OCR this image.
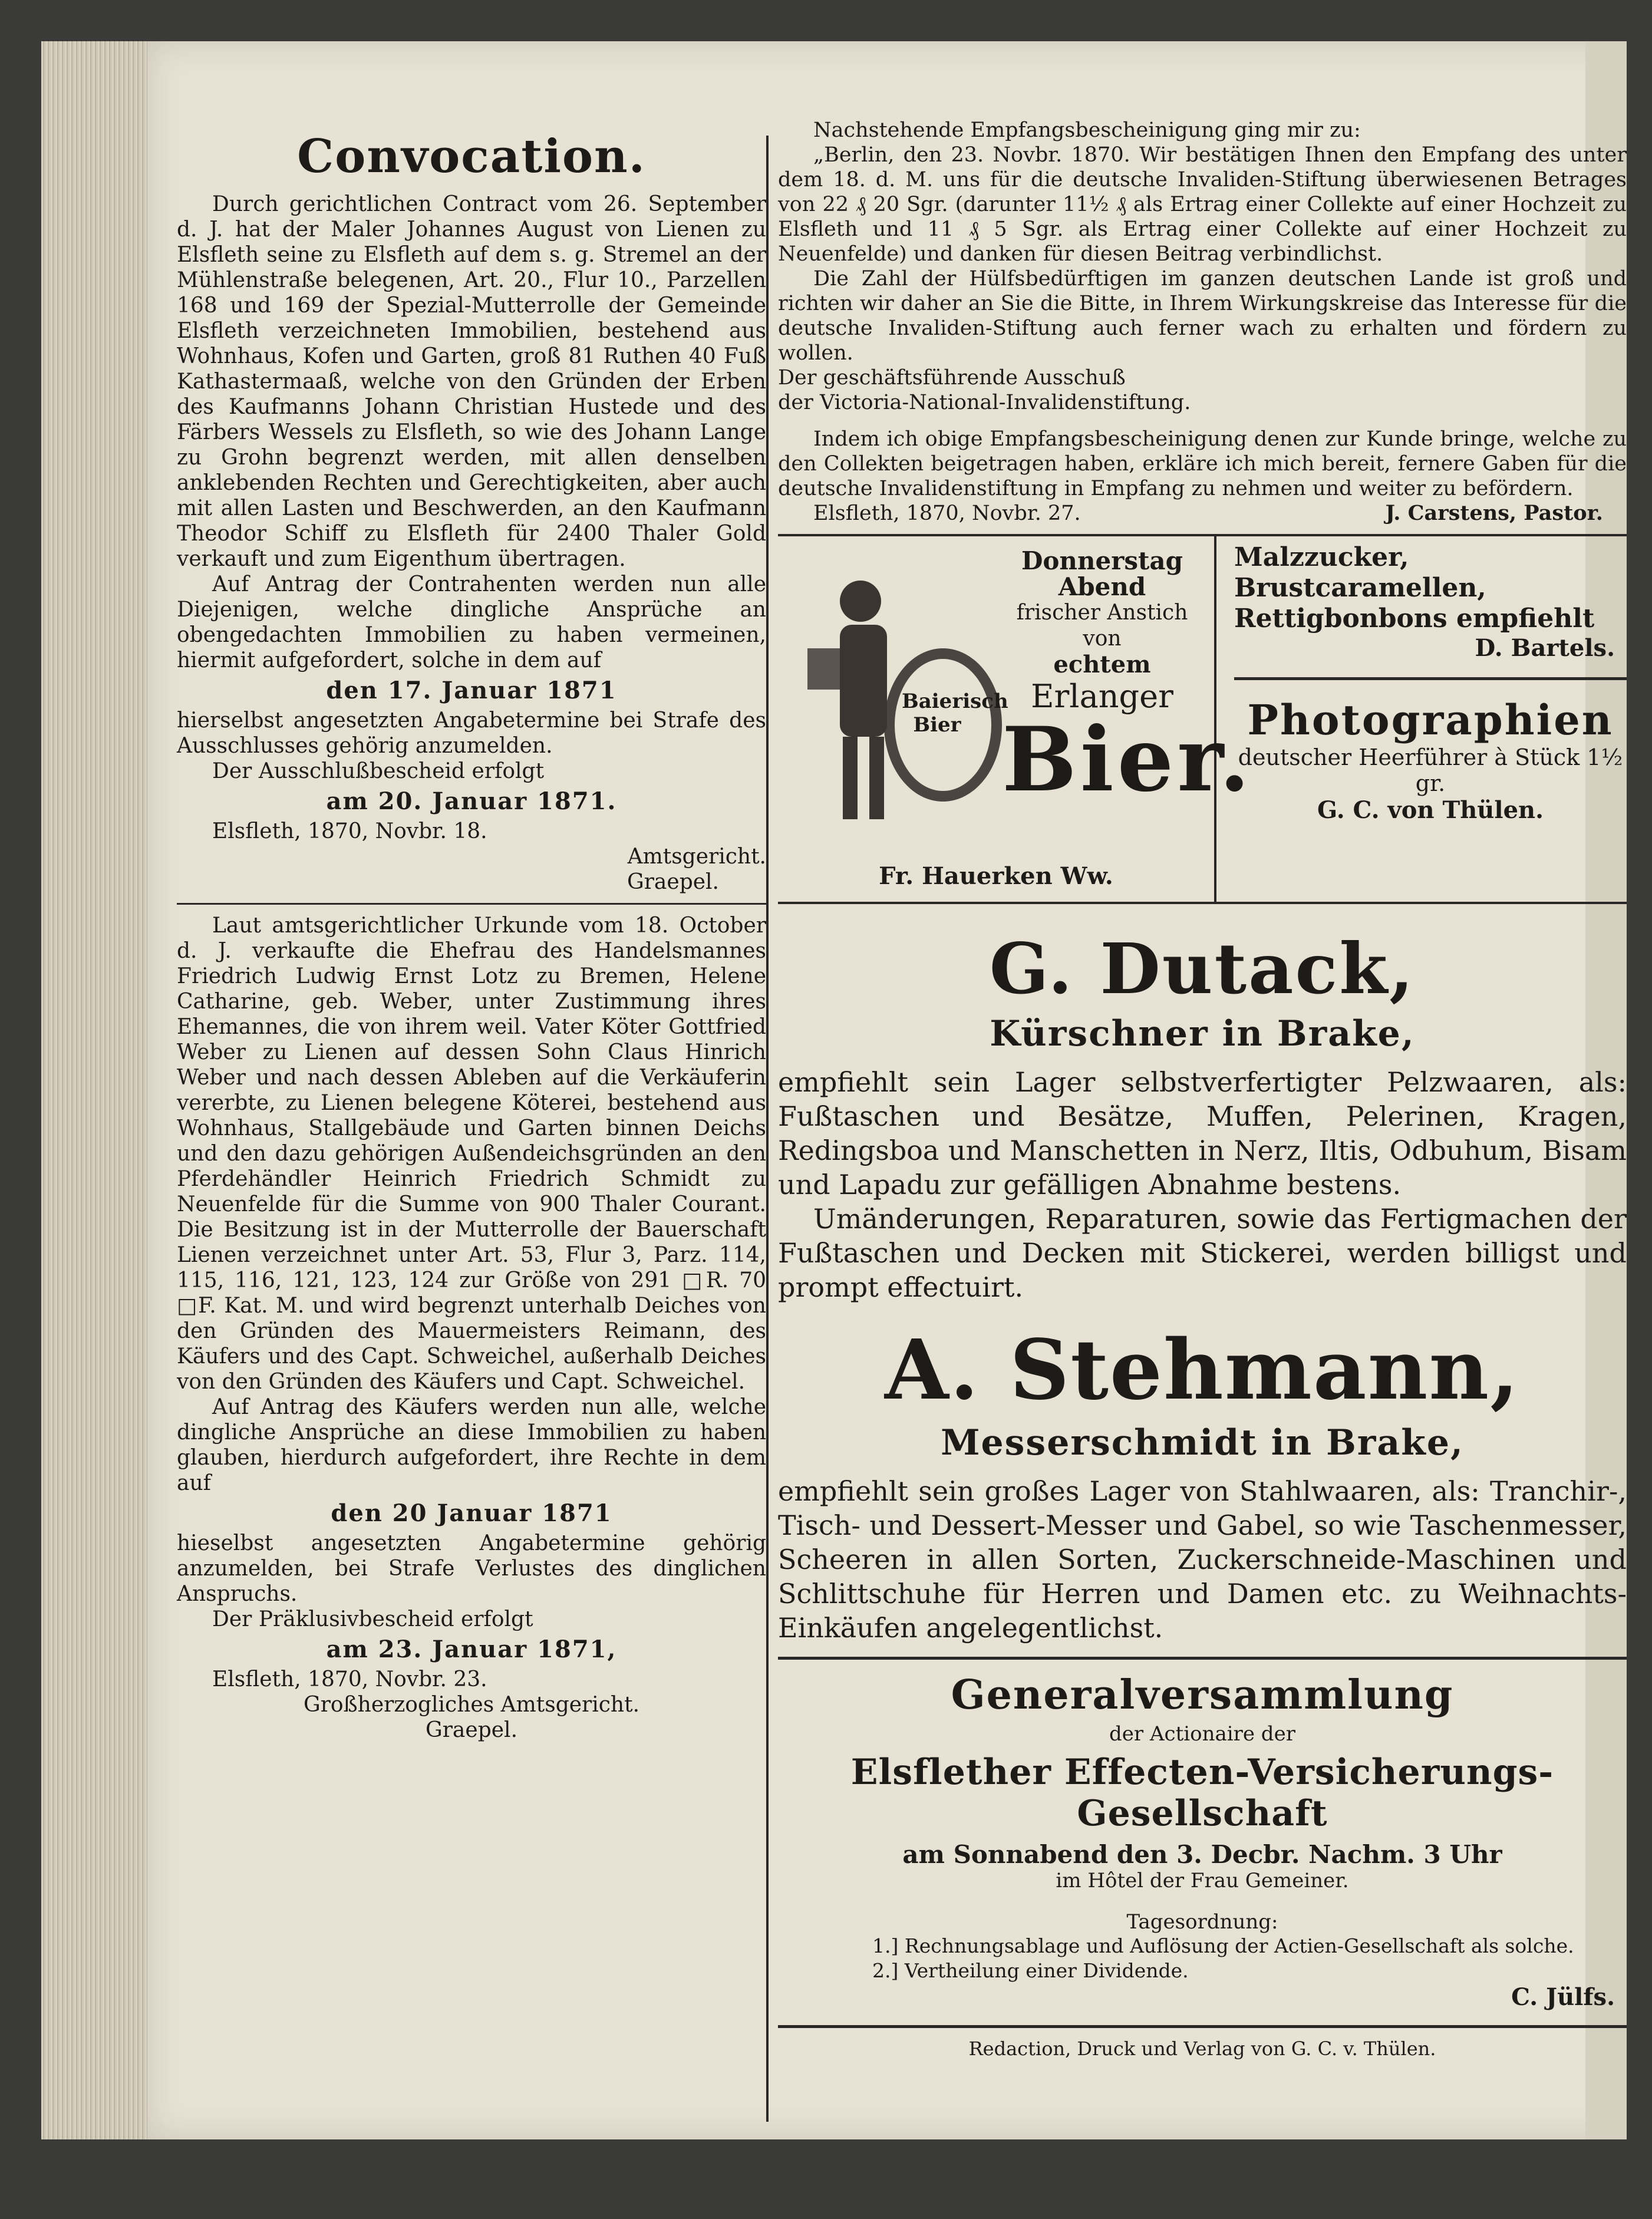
Convocation.

Durch gerichtlichen Contract vom 26. September d. J. hat der Maler Johannes August von Lienen zu Elsfleth seine zu Elsfleth auf dem s. g. Stremel an der Mühlenstraße belegenen, Art. 20., Flur 10., Parzellen 168 und 169 der Spezial-Mutterrolle der Gemeinde Elsfleth verzeichneten Immobilien, bestehend aus Wohnhaus, Kofen und Garten, groß 81 Ruthen 40 Fuß Kathastermaaß, welche von den Gründen der Erben des Kaufmanns Johann Christian Hustede und des Färbers Wessels zu Elsfleth, so wie des Johann Lange zu Grohn begrenzt werden, mit allen denselben anklebenden Rechten und Gerechtigkeiten, aber auch mit allen Lasten und Beschwerden, an den Kaufmann Theodor Schiff zu Elsfleth für 2400 Thaler Gold verkauft und zum Eigenthum übertragen.

Auf Antrag der Contrahenten werden nun alle Diejenigen, welche dingliche Ansprüche an obengedachten Immobilien zu haben vermeinen, hiermit aufgefordert, solche in dem auf

den 17. Januar 1871

hierselbst angesetzten Angabetermine bei Strafe des Ausschlusses gehörig anzumelden.

Der Ausschlußbescheid erfolgt

am 20. Januar 1871.

Elsfleth, 1870, Novbr. 18.

Amtsgericht.

Graepel.

Laut amtsgerichtlicher Urkunde vom 18. October d. J. verkaufte die Ehefrau des Handelsmannes Friedrich Ludwig Ernst Lotz zu Bremen, Helene Catharine, geb. Weber, unter Zustimmung ihres Ehemannes, die von ihrem weil. Vater Köter Gottfried Weber zu Lienen auf dessen Sohn Claus Hinrich Weber und nach dessen Ableben auf die Verkäuferin vererbte, zu Lienen belegene Köterei, bestehend aus Wohnhaus, Stallgebäude und Garten binnen Deichs und den dazu gehörigen Außendeichsgründen an den Pferdehändler Heinrich Friedrich Schmidt zu Neuenfelde für die Summe von 900 Thaler Courant. Die Besitzung ist in der Mutterrolle der Bauerschaft Lienen verzeichnet unter Art. 53, Flur 3, Parz. 114, 115, 116, 121, 123, 124 zur Größe von 291 □R. 70 □F. Kat. M. und wird begrenzt unterhalb Deiches von den Gründen des Mauermeisters Reimann, des Käufers und des Capt. Schweichel, außerhalb Deiches von den Gründen des Käufers und Capt. Schweichel.

Auf Antrag des Käufers werden nun alle, welche dingliche Ansprüche an diese Immobilien zu haben glauben, hierdurch aufgefordert, ihre Rechte in dem auf

den 20 Januar 1871

hieselbst angesetzten Angabetermine gehörig anzumelden, bei Strafe Verlustes des dinglichen Anspruchs.

Der Präklusivbescheid erfolgt

am 23. Januar 1871,

Elsfleth, 1870, Novbr. 23.

Großherzogliches Amtsgericht.

Graepel.

Nachstehende Empfangsbescheinigung ging mir zu:

„Berlin, den 23. Novbr. 1870. Wir bestätigen Ihnen den Empfang des unter dem 18. d. M. uns für die deutsche Invaliden-Stiftung überwiesenen Betrages von 22 ₰ 20 Sgr. (darunter 11½ ₰ als Ertrag einer Collekte auf einer Hochzeit zu Elsfleth und 11 ₰ 5 Sgr. als Ertrag einer Collekte auf einer Hochzeit zu Neuenfelde) und danken für diesen Beitrag verbindlichst.

Die Zahl der Hülfsbedürftigen im ganzen deutschen Lande ist groß und richten wir daher an Sie die Bitte, in Ihrem Wirkungskreise das Interesse für die deutsche Invaliden-Stiftung auch ferner wach zu erhalten und fördern zu wollen.

Der geschäftsführende Ausschuß

der Victoria-National-Invalidenstiftung.

Indem ich obige Empfangsbescheinigung denen zur Kunde bringe, welche zu den Collekten beigetragen haben, erkläre ich mich bereit, fernere Gaben für die deutsche Invalidenstiftung in Empfang zu nehmen und weiter zu befördern.

Elsfleth, 1870, Novbr. 27.	J. Carstens, Pastor.
Baierisch Bier
Donnerstag
Abend
frischer Anstich
von
echtem
Erlanger
Bier.
Fr. Hauerken Ww.

Malzzucker, Brustcaramellen, Rettigbonbons empfiehlt

D. Bartels.

Photographien

deutscher Heerführer à Stück 1½ gr.

G. C. von Thülen.

G. Dutack,
Kürschner in Brake,

empfiehlt sein Lager selbstverfertigter Pelzwaaren, als: Fußtaschen und Besätze, Muffen, Pelerinen, Kragen, Redingsboa und Manschetten in Nerz, Iltis, Odbuhum, Bisam und Lapadu zur gefälligen Abnahme bestens.

Umänderungen, Reparaturen, sowie das Fertigmachen der Fußtaschen und Decken mit Stickerei, werden billigst und prompt effectuirt.

A. Stehmann,
Messerschmidt in Brake,

empfiehlt sein großes Lager von Stahlwaaren, als: Tranchir-, Tisch- und Dessert-Messer und Gabel, so wie Taschenmesser, Scheeren in allen Sorten, Zuckerschneide-Maschinen und Schlittschuhe für Herren und Damen etc. zu Weihnachts-Einkäufen angelegentlichst.

Generalversammlung

der Actionaire der

Elsflether Effecten-Versicherungs-Gesellschaft

am Sonnabend den 3. Decbr. Nachm. 3 Uhr

im Hôtel der Frau Gemeiner.

Tagesordnung:

1.] Rechnungsablage und Auflösung der Actien-Gesellschaft als solche.

2.] Vertheilung einer Dividende.

C. Jülfs.

Redaction, Druck und Verlag von G. C. v. Thülen.
